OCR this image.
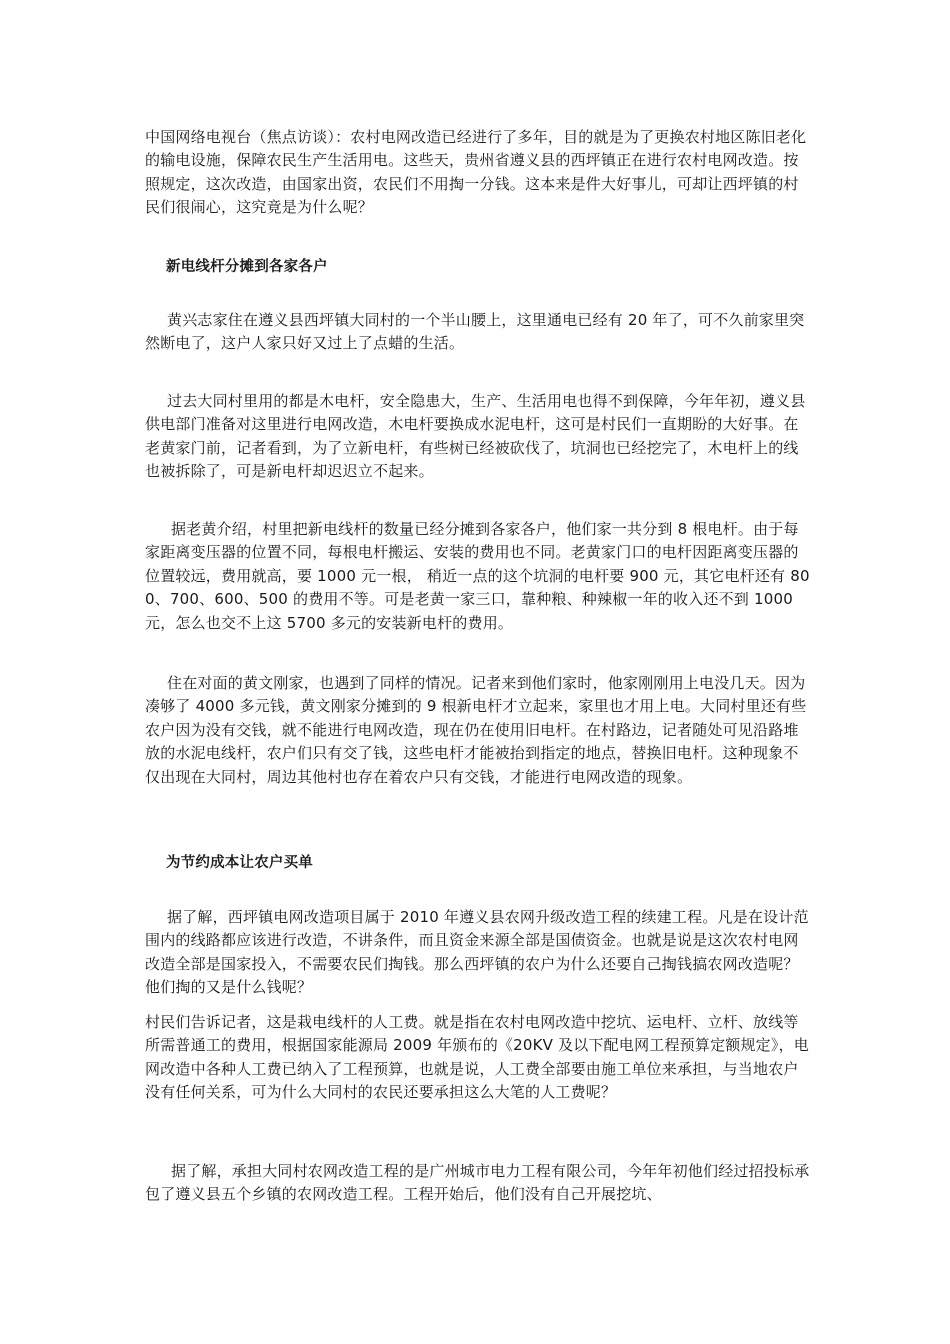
中国网络电视台（焦点访谈）：农村电网改造已经进行了多年，目的就是为了更换农村地区陈旧老化的输电设施，保障农民生产生活用电。这些天，贵州省遵义县的西坪镇正在进行农村电网改造。按照规定，这次改造，由国家出资，农民们不用掏一分钱。这本来是件大好事儿，可却让西坪镇的村民们很闹心，这究竟是为什么呢？

新电线杆分摊到各家各户

黄兴志家住在遵义县西坪镇大同村的一个半山腰上，这里通电已经有 20 年了，可不久前家里突然断电了，这户人家只好又过上了点蜡的生活。

过去大同村里用的都是木电杆，安全隐患大，生产、生活用电也得不到保障，今年年初，遵义县供电部门准备对这里进行电网改造，木电杆要换成水泥电杆，这可是村民们一直期盼的大好事。在老黄家门前，记者看到，为了立新电杆，有些树已经被砍伐了，坑洞也已经挖完了，木电杆上的线也被拆除了，可是新电杆却迟迟立不起来。

据老黄介绍，村里把新电线杆的数量已经分摊到各家各户，他们家一共分到 8 根电杆。由于每家距离变压器的位置不同，每根电杆搬运、安装的费用也不同。老黄家门口的电杆因距离变压器的位置较远，费用就高，要 1000 元一根， 稍近一点的这个坑洞的电杆要 900 元，其它电杆还有 800、700、600、500 的费用不等。可是老黄一家三口，靠种粮、种辣椒一年的收入还不到 1000 元，怎么也交不上这 5700 多元的安装新电杆的费用。

住在对面的黄文刚家，也遇到了同样的情况。记者来到他们家时，他家刚刚用上电没几天。因为凑够了 4000 多元钱，黄文刚家分摊到的 9 根新电杆才立起来，家里也才用上电。大同村里还有些农户因为没有交钱，就不能进行电网改造，现在仍在使用旧电杆。在村路边，记者随处可见沿路堆放的水泥电线杆，农户们只有交了钱，这些电杆才能被抬到指定的地点，替换旧电杆。这种现象不仅出现在大同村，周边其他村也存在着农户只有交钱，才能进行电网改造的现象。

为节约成本让农户买单

据了解，西坪镇电网改造项目属于 2010 年遵义县农网升级改造工程的续建工程。凡是在设计范围内的线路都应该进行改造，不讲条件，而且资金来源全部是国债资金。也就是说是这次农村电网改造全部是国家投入，不需要农民们掏钱。那么西坪镇的农户为什么还要自己掏钱搞农网改造呢？他们掏的又是什么钱呢？

村民们告诉记者，这是栽电线杆的人工费。就是指在农村电网改造中挖坑、运电杆、立杆、放线等所需普通工的费用，根据国家能源局 2009 年颁布的《20KV 及以下配电网工程预算定额规定》，电网改造中各种人工费已纳入了工程预算，也就是说，人工费全部要由施工单位来承担，与当地农户没有任何关系，可为什么大同村的农民还要承担这么大笔的人工费呢？

据了解，承担大同村农网改造工程的是广州城市电力工程有限公司，今年年初他们经过招投标承包了遵义县五个乡镇的农网改造工程。工程开始后，他们没有自己开展挖坑、
